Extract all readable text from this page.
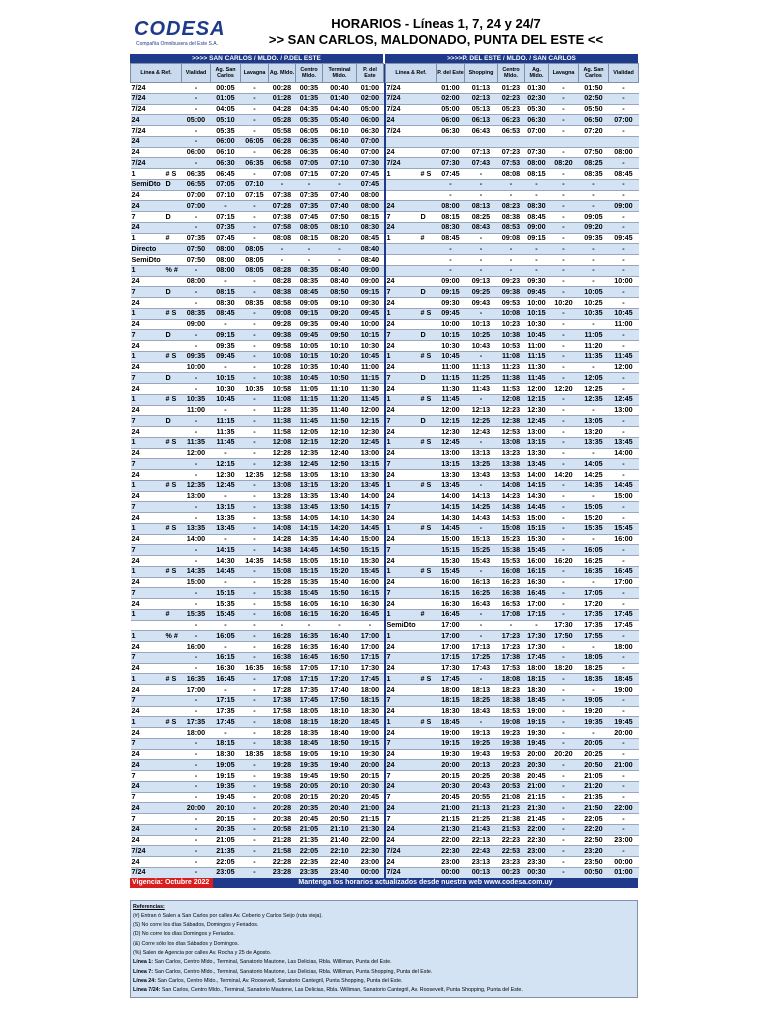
CODESA
Compañía Omnibusera del Este S.A.
HORARIOS - Líneas 1, 7, 24 y 24/7
>> SAN CARLOS, MALDONADO, PUNTA DEL ESTE <<
>>>> SAN CARLOS / MLDO. / P.DEL ESTE	>>>>P. DEL ESTE / MLDO. / SAN CARLOS
Línea & Ref.		Vialidad	Ag. San Carlos	Lavagna	Ag. Mldo.	Centro Mldo.	Terminal Mldo.	P. del Este		Línea & Ref.		P. del Este	Shopping	Centro Mldo.	Ag. Mldo.	Lavagna	Ag. San Carlos	Vialidad
7/24		-	00:05	-	00:28	00:35	00:40	01:00		7/24		01:00	01:13	01:23	01:30	-	01:50	-
7/24		-	01:05	-	01:28	01:35	01:40	02:00		7/24		02:00	02:13	02:23	02:30	-	02:50	-
7/24		-	04:05	-	04:28	04:35	04:40	05:00		7/24		05:00	05:13	05:23	05:30	-	05:50	-
24		05:00	05:10	-	05:28	05:35	05:40	06:00		24		06:00	06:13	06:23	06:30	-	06:50	07:00
7/24		-	05:35	-	05:58	06:05	06:10	06:30		7/24		06:30	06:43	06:53	07:00	-	07:20	-
24		-	06:00	06:05	06:28	06:35	06:40	07:00										
24		06:00	06:10	-	06:28	06:35	06:40	07:00		24		07:00	07:13	07:23	07:30	-	07:50	08:00
7/24		-	06:30	06:35	06:58	07:05	07:10	07:30		7/24		07:30	07:43	07:53	08:00	08:20	08:25	-
1	# S	06:35	06:45	-	07:08	07:15	07:20	07:45		1	# S	07:45	-	08:08	08:15	-	08:35	08:45
SemiDto	D	06:55	07:05	07:10	-	-	-	07:45				-	-	-	-	-	-	-
24		07:00	07:10	07:15	07:38	07:35	07:40	08:00				-	-	-	-	-	-	-
24		07:00	-	-	07:28	07:35	07:40	08:00		24		08:00	08:13	08:23	08:30	-	-	09:00
7	D	-	07:15	-	07:38	07:45	07:50	08:15		7	D	08:15	08:25	08:38	08:45	-	09:05	-
24		-	07:35	-	07:58	08:05	08:10	08:30		24		08:30	08:43	08:53	09:00	-	09:20	-
1	#	07:35	07:45	-	08:08	08:15	08:20	08:45		1	#	08:45	-	09:08	09:15	-	09:35	09:45
Directo		07:50	08:00	08:05	-	-	-	08:40				-	-	-	-	-	-	-
SemiDto		07:50	08:00	08:05	-	-	-	08:40				-	-	-	-	-	-	-
1	% #	-	08:00	08:05	08:28	08:35	08:40	09:00				-	-	-	-	-	-	-
24		08:00	-	-	08:28	08:35	08:40	09:00		24		09:00	09:13	09:23	09:30	-	-	10:00
7	D	-	08:15	-	08:38	08:45	08:50	09:15		7	D	09:15	09:25	09:38	09:45	-	10:05	-
24		-	08:30	08:35	08:58	09:05	09:10	09:30		24		09:30	09:43	09:53	10:00	10:20	10:25	-
1	# S	08:35	08:45	-	09:08	09:15	09:20	09:45		1	# S	09:45	-	10:08	10:15	-	10:35	10:45
24		09:00	-	-	09:28	09:35	09:40	10:00		24		10:00	10:13	10:23	10:30	-	-	11:00
7	D	-	09:15	-	09:38	09:45	09:50	10:15		7	D	10:15	10:25	10:38	10:45	-	11:05	-
24		-	09:35	-	09:58	10:05	10:10	10:30		24		10:30	10:43	10:53	11:00	-	11:20	-
1	# S	09:35	09:45	-	10:08	10:15	10:20	10:45		1	# S	10:45	-	11:08	11:15	-	11:35	11:45
24		10:00	-	-	10:28	10:35	10:40	11:00		24		11:00	11:13	11:23	11:30	-	-	12:00
7	D	-	10:15	-	10:38	10:45	10:50	11:15		7	D	11:15	11:25	11:38	11:45	-	12:05	-
24		-	10:30	10:35	10:58	11:05	11:10	11:30		24		11:30	11:43	11:53	12:00	12:20	12:25	-
1	# S	10:35	10:45	-	11:08	11:15	11:20	11:45		1	# S	11:45	-	12:08	12:15	-	12:35	12:45
24		11:00	-	-	11:28	11:35	11:40	12:00		24		12:00	12:13	12:23	12:30	-	-	13:00
7	D	-	11:15	-	11:38	11:45	11:50	12:15		7	D	12:15	12:25	12:38	12:45	-	13:05	-
24		-	11:35	-	11:58	12:05	12:10	12:30		24		12:30	12:43	12:53	13:00	-	13:20	-
1	# S	11:35	11:45	-	12:08	12:15	12:20	12:45		1	# S	12:45	-	13:08	13:15	-	13:35	13:45
24		12:00	-	-	12:28	12:35	12:40	13:00		24		13:00	13:13	13:23	13:30	-	-	14:00
7		-	12:15	-	12:38	12:45	12:50	13:15		7		13:15	13:25	13:38	13:45	-	14:05	-
24		-	12:30	12:35	12:58	13:05	13:10	13:30		24		13:30	13:43	13:53	14:00	14:20	14:25	-
1	# S	12:35	12:45	-	13:08	13:15	13:20	13:45		1	# S	13:45	-	14:08	14:15	-	14:35	14:45
24		13:00	-	-	13:28	13:35	13:40	14:00		24		14:00	14:13	14:23	14:30	-	-	15:00
7		-	13:15	-	13:38	13:45	13:50	14:15		7		14:15	14:25	14:38	14:45	-	15:05	-
24		-	13:35	-	13:58	14:05	14:10	14:30		24		14:30	14:43	14:53	15:00	-	15:20	-
1	# S	13:35	13:45	-	14:08	14:15	14:20	14:45		1	# S	14:45	-	15:08	15:15	-	15:35	15:45
24		14:00	-	-	14:28	14:35	14:40	15:00		24		15:00	15:13	15:23	15:30	-	-	16:00
7		-	14:15	-	14:38	14:45	14:50	15:15		7		15:15	15:25	15:38	15:45	-	16:05	-
24		-	14:30	14:35	14:58	15:05	15:10	15:30		24		15:30	15:43	15:53	16:00	16:20	16:25	-
1	# S	14:35	14:45	-	15:08	15:15	15:20	15:45		1	# S	15:45	-	16:08	16:15	-	16:35	16:45
24		15:00	-	-	15:28	15:35	15:40	16:00		24		16:00	16:13	16:23	16:30	-	-	17:00
7		-	15:15	-	15:38	15:45	15:50	16:15		7		16:15	16:25	16:38	16:45	-	17:05	-
24		-	15:35	-	15:58	16:05	16:10	16:30		24		16:30	16:43	16:53	17:00	-	17:20	-
1	#	15:35	15:45	-	16:08	16:15	16:20	16:45		1	#	16:45	-	17:08	17:15	-	17:35	17:45
		-	-	-	-	-	-	-		SemiDto		17:00	-	-	-	17:30	17:35	17:45
1	% #	-	16:05	-	16:28	16:35	16:40	17:00		1		17:00	-	17:23	17:30	17:50	17:55	-
24		16:00	-	-	16:28	16:35	16:40	17:00		24		17:00	17:13	17:23	17:30	-	-	18:00
7		-	16:15	-	16:38	16:45	16:50	17:15		7		17:15	17:25	17:38	17:45	-	18:05	-
24		-	16:30	16:35	16:58	17:05	17:10	17:30		24		17:30	17:43	17:53	18:00	18:20	18:25	-
1	# S	16:35	16:45	-	17:08	17:15	17:20	17:45		1	# S	17:45	-	18:08	18:15	-	18:35	18:45
24		17:00	-	-	17:28	17:35	17:40	18:00		24		18:00	18:13	18:23	18:30	-	-	19:00
7		-	17:15	-	17:38	17:45	17:50	18:15		7		18:15	18:25	18:38	18:45	-	19:05	-
24		-	17:35	-	17:58	18:05	18:10	18:30		24		18:30	18:43	18:53	19:00	-	19:20	-
1	# S	17:35	17:45	-	18:08	18:15	18:20	18:45		1	# S	18:45	-	19:08	19:15	-	19:35	19:45
24		18:00	-	-	18:28	18:35	18:40	19:00		24		19:00	19:13	19:23	19:30	-	-	20:00
7		-	18:15	-	18:38	18:45	18:50	19:15		7		19:15	19:25	19:38	19:45	-	20:05	-
24		-	18:30	18:35	18:58	19:05	19:10	19:30		24		19:30	19:43	19:53	20:00	20:20	20:25	-
24		-	19:05	-	19:28	19:35	19:40	20:00		24		20:00	20:13	20:23	20:30	-	20:50	21:00
7		-	19:15	-	19:38	19:45	19:50	20:15		7		20:15	20:25	20:38	20:45	-	21:05	-
24		-	19:35	-	19:58	20:05	20:10	20:30		24		20:30	20:43	20:53	21:00	-	21:20	-
7		-	19:45	-	20:08	20:15	20:20	20:45		7		20:45	20:55	21:08	21:15	-	21:35	-
24		20:00	20:10	-	20:28	20:35	20:40	21:00		24		21:00	21:13	21:23	21:30	-	21:50	22:00
7		-	20:15	-	20:38	20:45	20:50	21:15		7		21:15	21:25	21:38	21:45	-	22:05	-
24		-	20:35	-	20:58	21:05	21:10	21:30		24		21:30	21:43	21:53	22:00	-	22:20	-
24		-	21:05	-	21:28	21:35	21:40	22:00		24		22:00	22:13	22:23	22:30	-	22:50	23:00
7/24		-	21:35	-	21:58	22:05	22:10	22:30		7/24		22:30	22:43	22:53	23:00	-	23:20	-
24		-	22:05	-	22:28	22:35	22:40	23:00		24		23:00	23:13	23:23	23:30	-	23:50	00:00
7/24		-	23:05	-	23:28	23:35	23:40	00:00		7/24		00:00	00:13	00:23	00:30	-	00:50	01:00
Vigencia: Octubre 2022	Mantenga los horarios actualizados desde nuestra web www.codesa.com.uy
Referencias:
(#) Entran ó Salen a San Carlos por calles Av. Ceberio y Carlos Seijo (ruta vieja).
(S) No corre los días Sábados, Domingos y Feriados.
(D) No corre los días Domingos y Feriados.
(&) Corre sólo los días Sábados y Domingos.
(%) Salen de Agencia por calles Av. Rocha y 25 de Agosto.
Línea 1: San Carlos, Centro Mldo., Terminal, Sanatorio Mautone, Las Delicias, Rbla. Williman, Punta del Este.
Línea 7: San Carlos, Centro Mldo., Terminal, Sanatorio Mautone, Las Delicias, Rbla. Williman, Punta Shopping, Punta del Este.
Línea 24: San Carlos, Centro Mldo., Terminal, Av. Roosevelt, Sanatorio Cantegril, Punta Shopping, Punta del Este.
Línea 7/24: San Carlos, Centro Mldo., Terminal, Sanatorio Mautone, Las Delicias, Rbla. Williman, Sanatorio Cantegril, Av. Roosevelt, Punta Shopping, Punta del Este.
